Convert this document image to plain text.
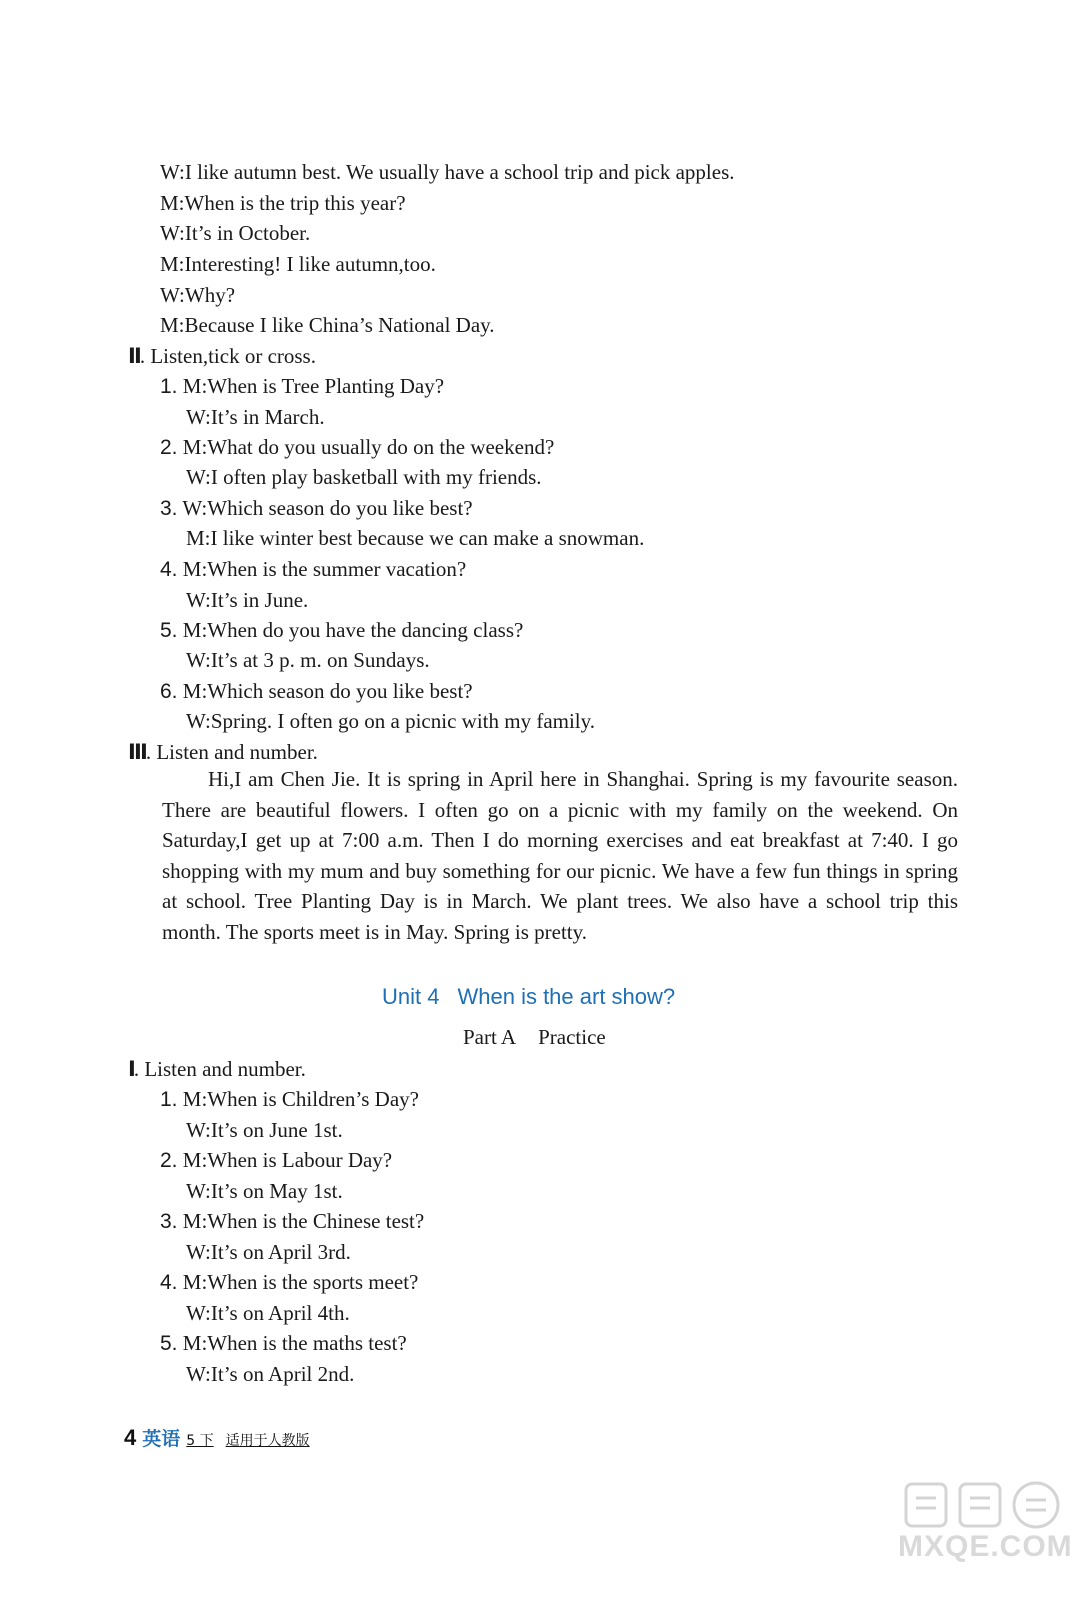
W:I like autumn best. We usually have a school trip and pick apples.
M:When is the trip this year?
W:It’s in October.
M:Interesting! I like autumn,too.
W:Why?
M:Because I like China’s National Day.
Ⅱ. Listen,tick or cross.
1. M:When is Tree Planting Day?
W:It’s in March.
2. M:What do you usually do on the weekend?
W:I often play basketball with my friends.
3. W:Which season do you like best?
M:I like winter best because we can make a snowman.
4. M:When is the summer vacation?
W:It’s in June.
5. M:When do you have the dancing class?
W:It’s at 3 p. m. on Sundays.
6. M:Which season do you like best?
W:Spring. I often go on a picnic with my family.
Ⅲ. Listen and number.
Hi,I am Chen Jie. It is spring in April here in Shanghai. Spring is my favourite season. There are beautiful flowers. I often go on a picnic with my family on the weekend. On Saturday,I get up at 7:00 a.m. Then I do morning exercises and eat breakfast at 7:40. I go shopping with my mum and buy something for our picnic. We have a few fun things in spring at school. Tree Planting Day is in March. We plant trees. We also have a school trip this month. The sports meet is in May. Spring is pretty.
Unit 4 When is the art show?
Part A Practice
Ⅰ. Listen and number.
1. M:When is Children’s Day?
W:It’s on June 1st.
2. M:When is Labour Day?
W:It’s on May 1st.
3. M:When is the Chinese test?
W:It’s on April 3rd.
4. M:When is the sports meet?
W:It’s on April 4th.
5. M:When is the maths test?
W:It’s on April 2nd.
4 英语 5 下 适用于人教版
MXQE.COM
